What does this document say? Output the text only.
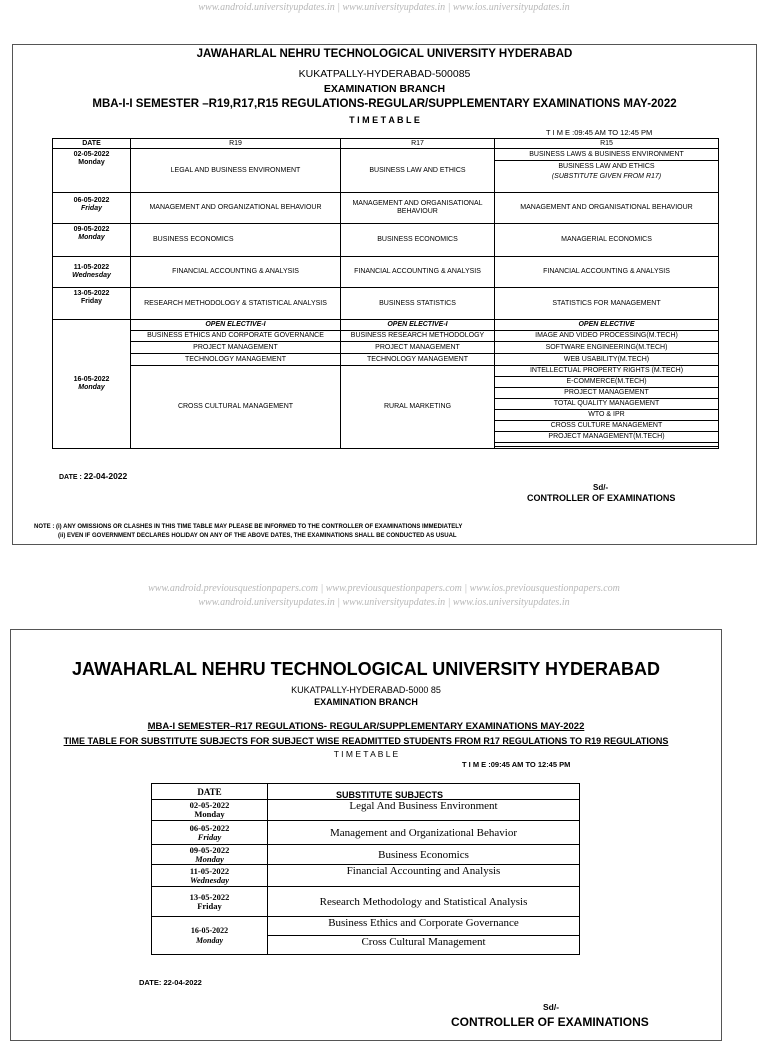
www.android.universityupdates.in | www.universityupdates.in | www.ios.universityupdates.in
JAWAHARLAL NEHRU TECHNOLOGICAL UNIVERSITY HYDERABAD
KUKATPALLY-HYDERABAD-500085
EXAMINATION BRANCH
MBA-I-I SEMESTER –R19,R17,R15 REGULATIONS-REGULAR/SUPPLEMENTARY EXAMINATIONS MAY-2022
T I M E T A B L E
T I M E :09:45 AM TO 12:45 PM
DATE	R19	R17	R15

02-05-2022
Monday	LEGAL AND BUSINESS ENVIRONMENT	BUSINESS LAW AND ETHICS	BUSINESS LAWS & BUSINESS ENVIRONMENT
			BUSINESS LAW AND ETHICS
			(SUBSTITUTE GIVEN FROM R17)

06-05-2022
Friday	MANAGEMENT AND ORGANIZATIONAL BEHAVIOUR	MANAGEMENT AND ORGANISATIONAL BEHAVIOUR	MANAGEMENT AND ORGANISATIONAL BEHAVIOUR

09-05-2022
Monday	BUSINESS ECONOMICS	BUSINESS ECONOMICS	MANAGERIAL ECONOMICS

11-05-2022
Wednesday	FINANCIAL ACCOUNTING & ANALYSIS	FINANCIAL ACCOUNTING & ANALYSIS	FINANCIAL ACCOUNTING & ANALYSIS

13-05-2022
Friday	RESEARCH METHODOLOGY & STATISTICAL ANALYSIS	BUSINESS STATISTICS	STATISTICS FOR MANAGEMENT

16-05-2022
Monday	OPEN ELECTIVE-I	OPEN ELECTIVE-I	OPEN ELECTIVE
	BUSINESS ETHICS AND CORPORATE GOVERNANCE	BUSINESS RESEARCH METHODOLOGY	IMAGE AND VIDEO PROCESSING(M.TECH)
	PROJECT MANAGEMENT	PROJECT MANAGEMENT	SOFTWARE ENGINEERING(M.TECH)
	TECHNOLOGY MANAGEMENT	TECHNOLOGY MANAGEMENT	WEB USABILITY(M.TECH)
	CROSS CULTURAL MANAGEMENT	RURAL MARKETING	INTELLECTUAL PROPERTY RIGHTS (M.TECH)
			E-COMMERCE(M.TECH)
			PROJECT MANAGEMENT
			TOTAL QUALITY MANAGEMENT
			WTO & IPR
			CROSS CULTURE MANAGEMENT
			PROJECT MANAGEMENT(M.TECH)

DATE : 22-04-2022
Sd/-
CONTROLLER OF EXAMINATIONS
NOTE : (i) ANY OMISSIONS OR CLASHES IN THIS TIME TABLE MAY PLEASE BE INFORMED TO THE CONTROLLER OF EXAMINATIONS IMMEDIATELY
(ii) EVEN IF GOVERNMENT DECLARES HOLIDAY ON ANY OF THE ABOVE DATES, THE EXAMINATIONS SHALL BE CONDUCTED AS USUAL
www.android.previousquestionpapers.com | www.previousquestionpapers.com | www.ios.previousquestionpapers.com
www.android.universityupdates.in | www.universityupdates.in | www.ios.universityupdates.in
JAWAHARLAL NEHRU TECHNOLOGICAL UNIVERSITY HYDERABAD
KUKATPALLY-HYDERABAD-5000 85
EXAMINATION BRANCH
MBA-I SEMESTER–R17 REGULATIONS- REGULAR/SUPPLEMENTARY EXAMINATIONS MAY-2022
TIME TABLE FOR SUBSTITUTE SUBJECTS FOR SUBJECT WISE READMITTED STUDENTS FROM R17 REGULATIONS TO R19 REGULATIONS
T I M E T A B L E
T I M E :09:45 AM TO 12:45 PM
DATE	SUBSTITUTE SUBJECTS

02-05-2022
Monday	Legal And Business Environment

06-05-2022
Friday	Management and Organizational Behavior

09-05-2022
Monday	Business Economics

11-05-2022
Wednesday	Financial Accounting and Analysis

13-05-2022
Friday	Research Methodology and Statistical Analysis

16-05-2022
Monday	Business Ethics and Corporate Governance
	Cross Cultural Management
DATE: 22-04-2022
Sd/-
CONTROLLER OF EXAMINATIONS
